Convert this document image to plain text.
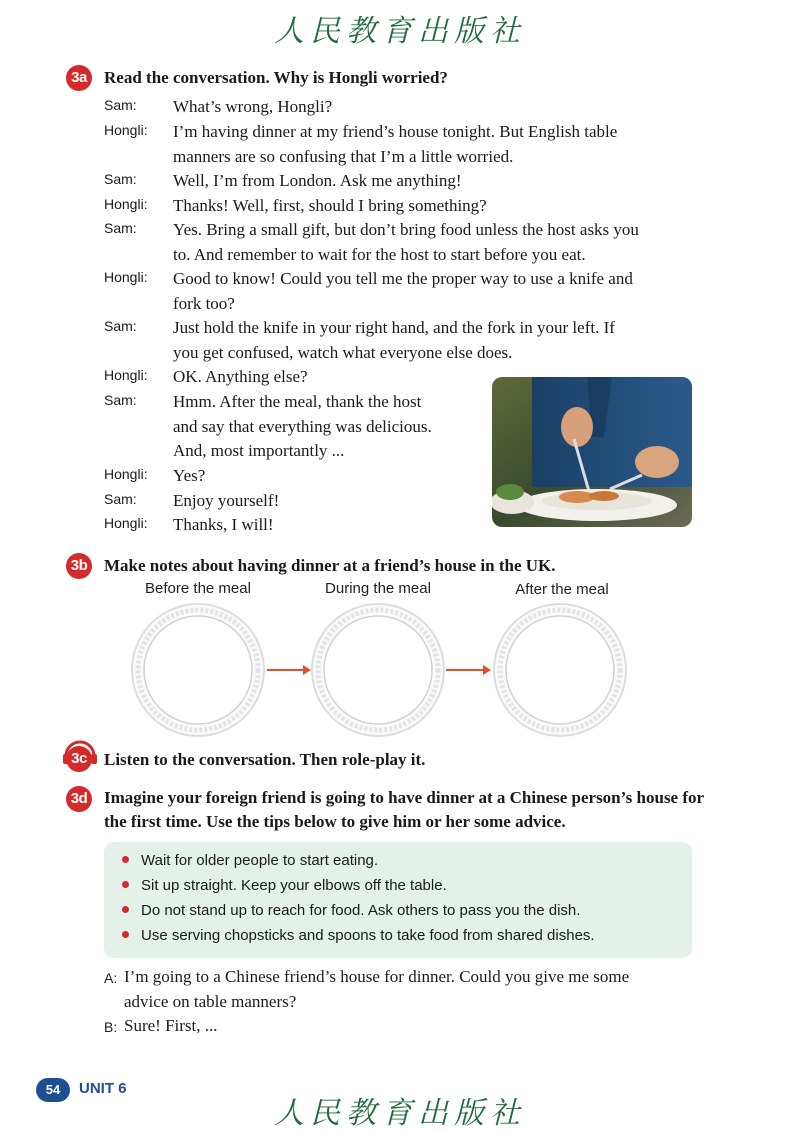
人民教育出版社
3a	Read the conversation. Why is Hongli worried?
Sam: What’s wrong, Hongli?
Hongli: I’m having dinner at my friend’s house tonight. But English table
manners are so confusing that I’m a little worried.
Sam: Well, I’m from London. Ask me anything!
Hongli: Thanks! Well, first, should I bring something?
Sam: Yes. Bring a small gift, but don’t bring food unless the host asks you
to. And remember to wait for the host to start before you eat.
Hongli: Good to know! Could you tell me the proper way to use a knife and
fork too?
Sam: Just hold the knife in your right hand, and the fork in your left. If
you get confused, watch what everyone else does.
Hongli: OK. Anything else?
Sam: Hmm. After the meal, thank the host
and say that everything was delicious.
And, most importantly ...
Hongli: Yes?
Sam: Enjoy yourself!
Hongli: Thanks, I will!
3b Make notes about having dinner at a friend’s house in the UK.
Before the meal	During the meal	After the meal
3c	Listen to the conversation. Then role-play it.
3d Imagine your foreign friend is going to have dinner at a Chinese person’s house for
the first time. Use the tips below to give him or her some advice.
Wait for older people to start eating.
Sit up straight. Keep your elbows off the table.
Do not stand up to reach for food. Ask others to pass you the dish.
Use serving chopsticks and spoons to take food from shared dishes.
A: I’m going to a Chinese friend’s house for dinner. Could you give me some
advice on table manners?
B: Sure! First, ...
54	UNIT 6
人民教育出版社
